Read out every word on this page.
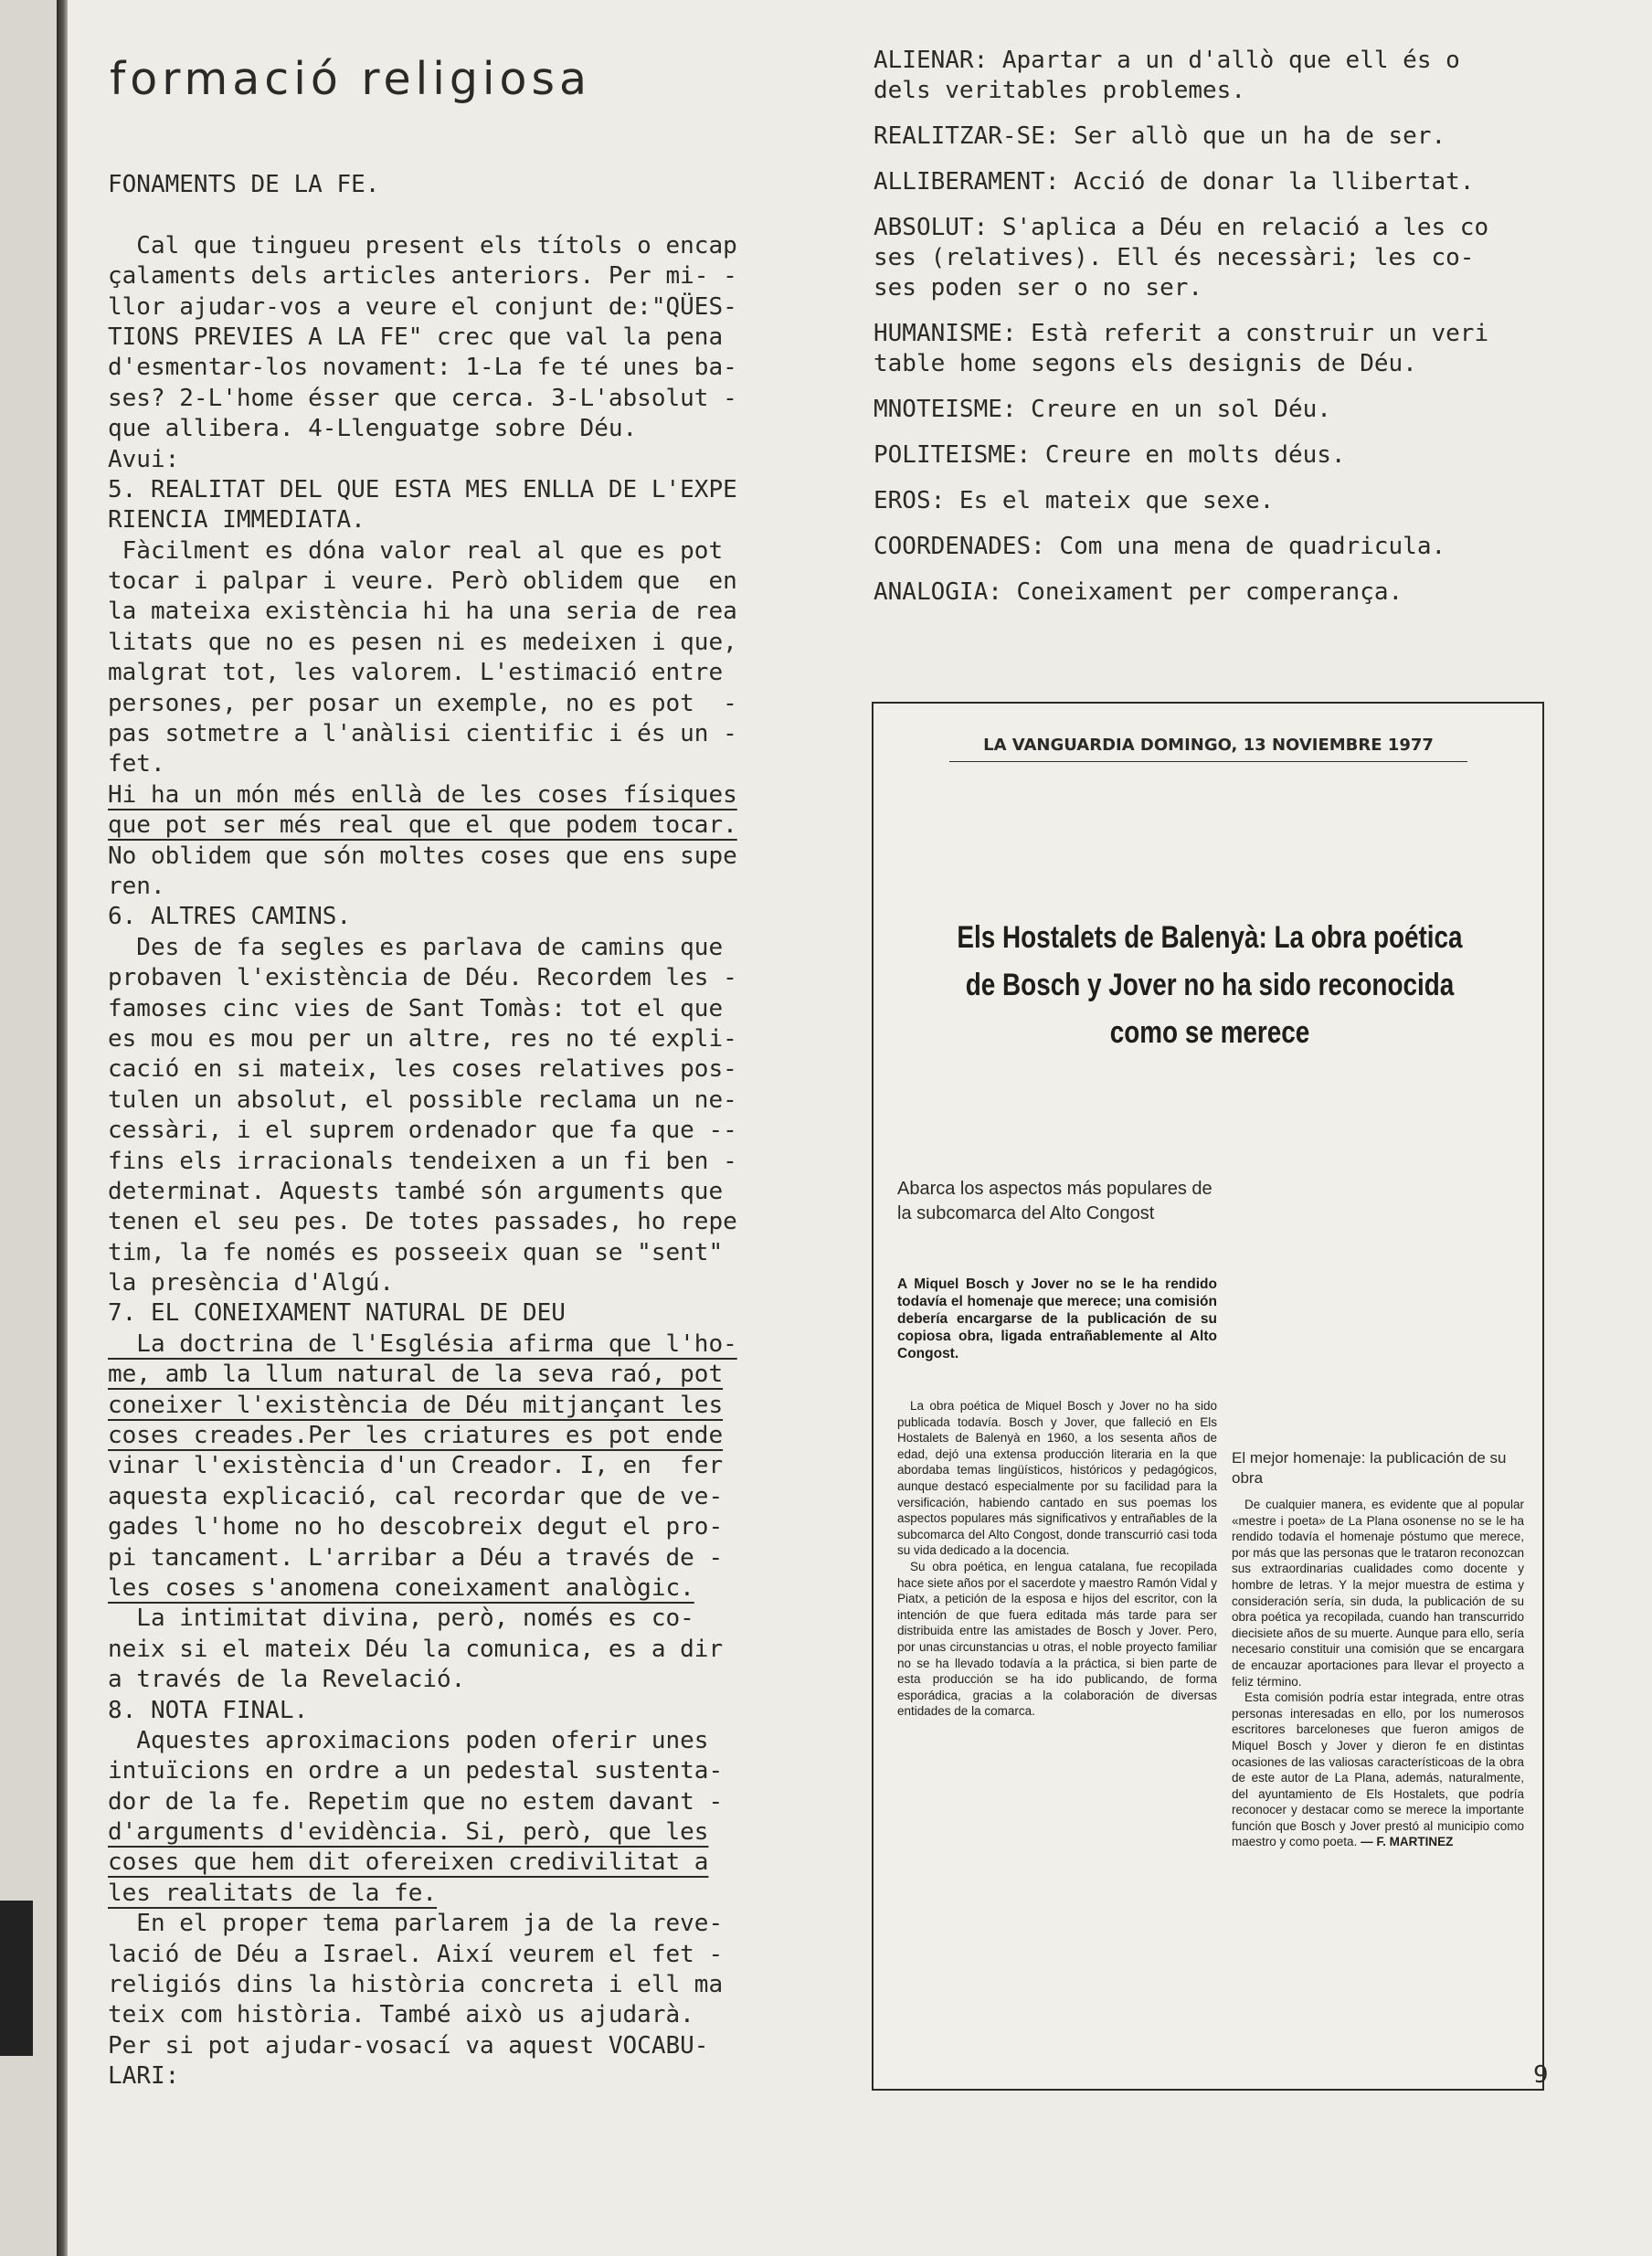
formació religiosa
FONAMENTS DE LA FE.
Cal que tingueu present els títols o encap
çalaments dels articles anteriors. Per mi- -
llor ajudar-vos a veure el conjunt de:"QÜES-
TIONS PREVIES A LA FE" crec que val la pena
d'esmentar-los novament: 1-La fe té unes ba-
ses? 2-L'home ésser que cerca. 3-L'absolut -
que allibera. 4-Llenguatge sobre Déu.
Avui:
5. REALITAT DEL QUE ESTA MES ENLLA DE L'EXPE
RIENCIA IMMEDIATA.
Fàcilment es dóna valor real al que es pot
tocar i palpar i veure. Però oblidem que  en
la mateixa existència hi ha una seria de rea
litats que no es pesen ni es medeixen i que,
malgrat tot, les valorem. L'estimació entre
persones, per posar un exemple, no es pot  -
pas sotmetre a l'anàlisi cientific i és un -
fet.
Hi ha un món més enllà de les coses físiques
que pot ser més real que el que podem tocar.
No oblidem que són moltes coses que ens supe
ren.
6. ALTRES CAMINS.
Des de fa segles es parlava de camins que
probaven l'existència de Déu. Recordem les -
famoses cinc vies de Sant Tomàs: tot el que
es mou es mou per un altre, res no té expli-
cació en si mateix, les coses relatives pos-
tulen un absolut, el possible reclama un ne-
cessàri, i el suprem ordenador que fa que --
fins els irracionals tendeixen a un fi ben -
determinat. Aquests també són arguments que
tenen el seu pes. De totes passades, ho repe
tim, la fe només es posseeix quan se "sent"
la presència d'Algú.
7. EL CONEIXAMENT NATURAL DE DEU
La doctrina de l'Església afirma que l'ho-
me, amb la llum natural de la seva raó, pot
coneixer l'existència de Déu mitjançant les
coses creades.Per les criatures es pot ende
vinar l'existència d'un Creador. I, en  fer
aquesta explicació, cal recordar que de ve-
gades l'home no ho descobreix degut el pro-
pi tancament. L'arribar a Déu a través de -
les coses s'anomena coneixament analògic.
La intimitat divina, però, només es co-
neix si el mateix Déu la comunica, es a dir
a través de la Revelació.
8. NOTA FINAL.
Aquestes aproximacions poden oferir unes
intuïcions en ordre a un pedestal sustenta-
dor de la fe. Repetim que no estem davant -
d'arguments d'evidència. Si, però, que les
coses que hem dit ofereixen credivilitat a
les realitats de la fe.
En el proper tema parlarem ja de la reve-
lació de Déu a Israel. Així veurem el fet -
religiós dins la història concreta i ell ma
teix com història. També això us ajudarà.
Per si pot ajudar-vosací va aquest VOCABU-
LARI:
ALIENAR: Apartar a un d'allò que ell és o
dels veritables problemes.
REALITZAR-SE: Ser allò que un ha de ser.
ALLIBERAMENT: Acció de donar la llibertat.
ABSOLUT: S'aplica a Déu en relació a les co
ses (relatives). Ell és necessàri; les co-
ses poden ser o no ser.
HUMANISME: Està referit a construir un veri
table home segons els designis de Déu.
MNOTEISME: Creure en un sol Déu.
POLITEISME: Creure en molts déus.
EROS: Es el mateix que sexe.
COORDENADES: Com una mena de quadricula.
ANALOGIA: Coneixament per comperança.
LA VANGUARDIA DOMINGO, 13 NOVIEMBRE 1977
Els Hostalets de Balenyà: La obra poética de Bosch y Jover no ha sido reconocida como se merece
Abarca los aspectos más populares de la subcomarca del Alto Congost
A Miquel Bosch y Jover no se le ha rendido todavía el homenaje que merece; una comisión debería encargarse de la publicación de su copiosa obra, ligada entrañablemente al Alto Congost.

La obra poética de Miquel Bosch y Jover no ha sido publicada todavía. Bosch y Jover, que falleció en Els Hostalets de Balenyà en 1960, a los sesenta años de edad, dejó una extensa producción literaria en la que abordaba temas lingüísticos, históricos y pedagógicos, aunque destacó especialmente por su facilidad para la versificación, habiendo cantado en sus poemas los aspectos populares más significativos y entrañables de la subcomarca del Alto Congost, donde transcurrió casi toda su vida dedicado a la docencia.

Su obra poética, en lengua catalana, fue recopilada hace siete años por el sacerdote y maestro Ramón Vidal y Piatx, a petición de la esposa e hijos del escritor, con la intención de que fuera editada más tarde para ser distribuida entre las amistades de Bosch y Jover. Pero, por unas circunstancias u otras, el noble proyecto familiar no se ha llevado todavía a la práctica, si bien parte de esta producción se ha ido publicando, de forma esporádica, gracias a la colaboración de diversas entidades de la comarca.

El mejor homenaje: la publicación de su obra

De cualquier manera, es evidente que al popular «mestre i poeta» de La Plana osonense no se le ha rendido todavía el homenaje póstumo que merece, por más que las personas que le trataron reconozcan sus extraordinarias cualidades como docente y hombre de letras. Y la mejor muestra de estima y consideración sería, sin duda, la publicación de su obra poética ya recopilada, cuando han transcurrido diecisiete años de su muerte. Aunque para ello, sería necesario constituir una comisión que se encargara de encauzar aportaciones para llevar el proyecto a feliz término.

Esta comisión podría estar integrada, entre otras personas interesadas en ello, por los numerosos escritores barceloneses que fueron amigos de Miquel Bosch y Jover y dieron fe en distintas ocasiones de las valiosas característicoas de la obra de este autor de La Plana, además, naturalmente, del ayuntamiento de Els Hostalets, que podría reconocer y destacar como se merece la importante función que Bosch y Jover prestó al municipio como maestro y como poeta. — F. MARTINEZ

9
